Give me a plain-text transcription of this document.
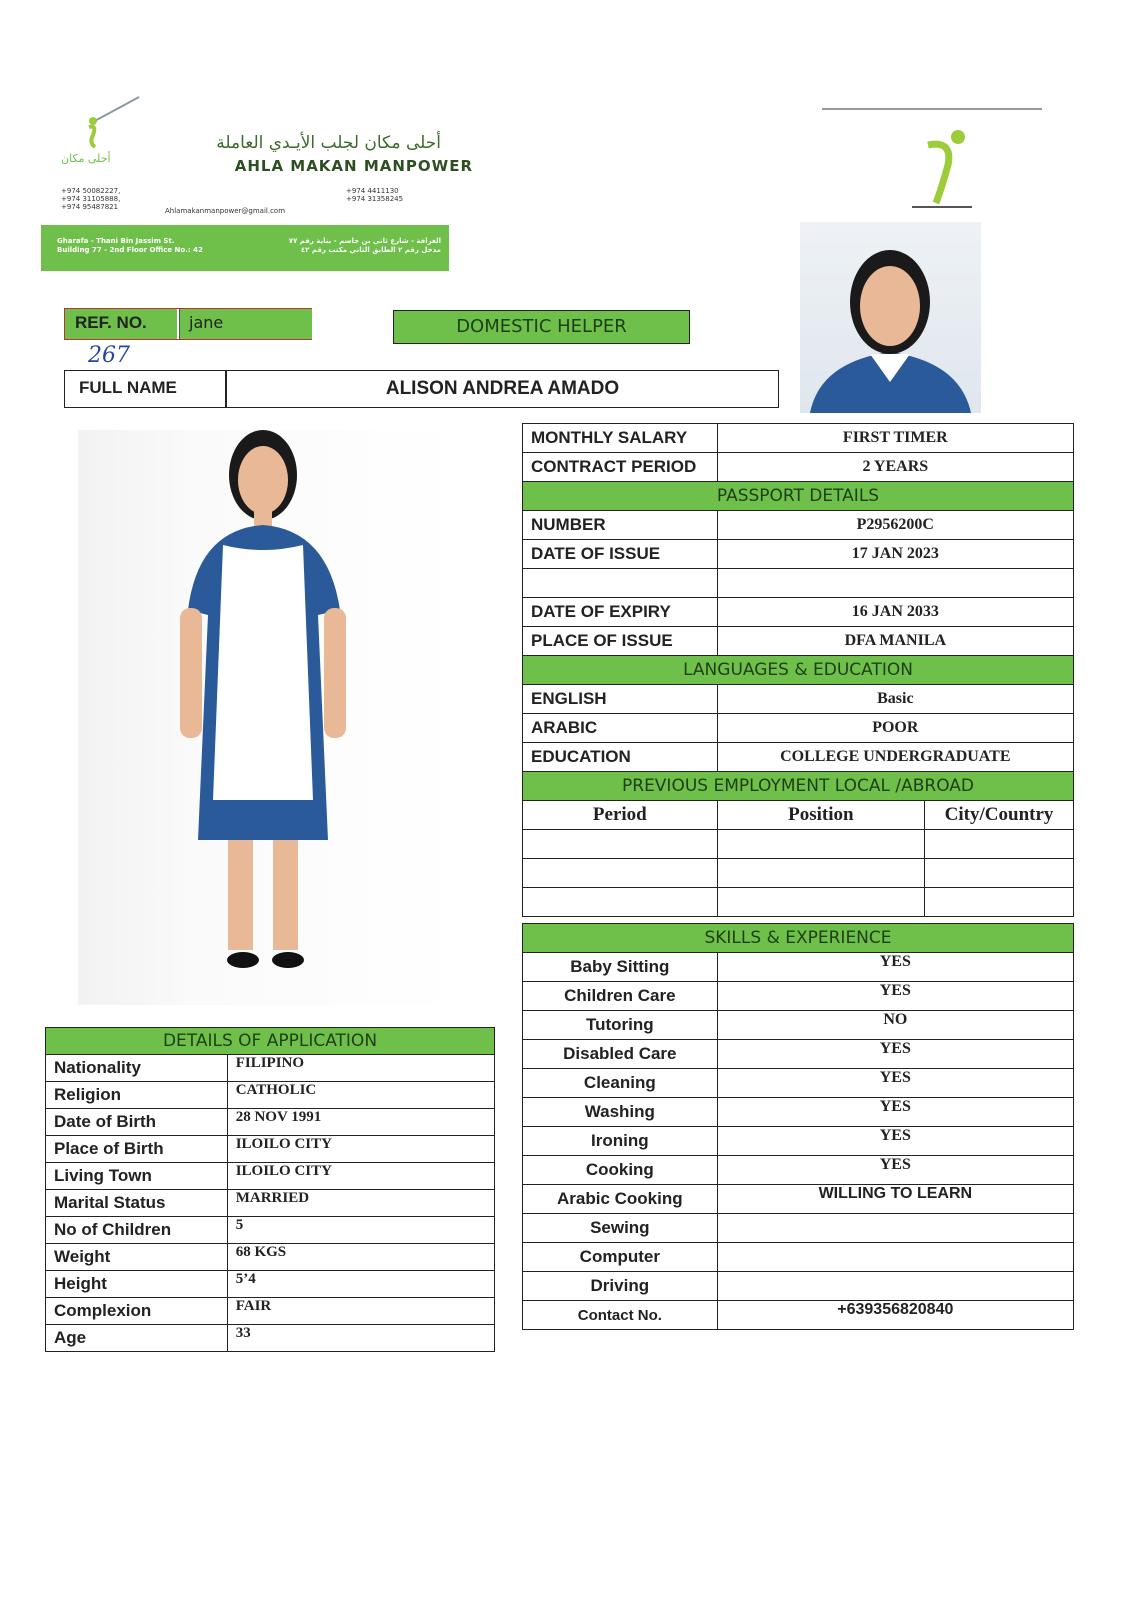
أحلى مكان
أحلى مكان لجلب الأيـدي العاملة
AHLA MAKAN MANPOWER
+974 50082227,
+974 31105888,
+974 95487821
+974 4411130
+974 31358245
Ahlamakanmanpower@gmail.com
Gharafa - Thani Bin Jassim St.
Building 77 - 2nd Floor Office No.: 42
الغرافة - شارع ثاني بن جاسم - بناية رقم ٧٧
مدخل رقم ٢ الطابق الثاني مكتب رقم ٤٢
REF. NO.	jane
267
DOMESTIC HELPER
FULL NAME	ALISON ANDREA AMADO
MONTHLY SALARY	FIRST TIMER	
CONTRACT PERIOD	2 YEARS	
PASSPORT DETAILS		
NUMBER	P2956200C	
DATE OF ISSUE	17 JAN 2023	

DATE OF EXPIRY	16 JAN 2033	
PLACE OF ISSUE	DFA MANILA	
LANGUAGES & EDUCATION		
ENGLISH	Basic	
ARABIC	POOR	
EDUCATION	COLLEGE UNDERGRADUATE	
PREVIOUS EMPLOYMENT LOCAL /ABROAD		
Period	Position	City/Country

SKILLS & EXPERIENCE		
Baby Sitting	YES	
Children Care	YES	
Tutoring	NO	
Disabled Care	YES	
Cleaning	YES	
Washing	YES	
Ironing	YES	
Cooking	YES	
Arabic Cooking	WILLING TO LEARN	
Sewing		
Computer		
Driving		
Contact No.	+639356820840	
DETAILS OF APPLICATION	
Nationality	FILIPINO
Religion	CATHOLIC
Date of Birth	28 NOV 1991
Place of Birth	ILOILO CITY
Living Town	ILOILO CITY
Marital Status	MARRIED
No of Children	5
Weight	68 KGS
Height	5’4
Complexion	FAIR
Age	33
